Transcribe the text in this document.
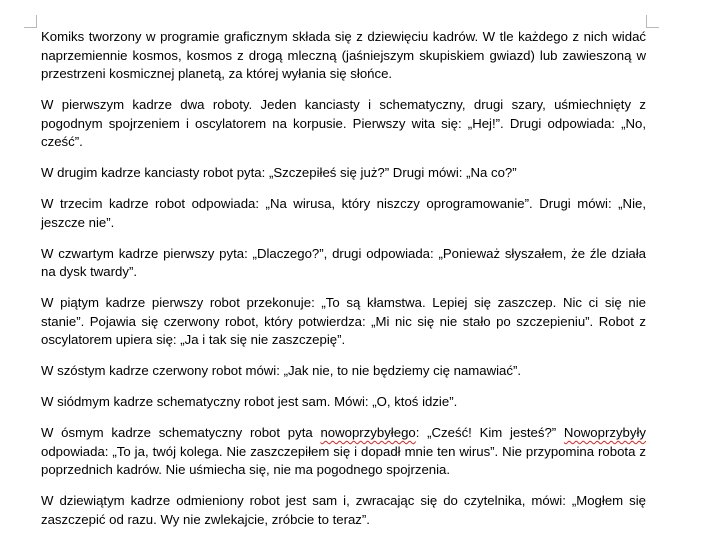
Komiks tworzony w programie graficznym składa się z dziewięciu kadrów. W tle każdego z nich widać naprzemiennie kosmos, kosmos z drogą mleczną (jaśniejszym skupiskiem gwiazd) lub zawieszoną w przestrzeni kosmicznej planetą, za której wyłania się słońce.

W pierwszym kadrze dwa roboty. Jeden kanciasty i schematyczny, drugi szary, uśmiechnięty z pogodnym spojrzeniem i oscylatorem na korpusie. Pierwszy wita się: „Hej!”. Drugi odpowiada: „No, cześć”.

W drugim kadrze kanciasty robot pyta: „Szczepiłeś się już?” Drugi mówi: „Na co?”

W trzecim kadrze robot odpowiada: „Na wirusa, który niszczy oprogramowanie”. Drugi mówi: „Nie, jeszcze nie”.

W czwartym kadrze pierwszy pyta: „Dlaczego?”, drugi odpowiada: „Ponieważ słyszałem, że źle działa na dysk twardy”.

W piątym kadrze pierwszy robot przekonuje: „To są kłamstwa. Lepiej się zaszczep. Nic ci się nie stanie”. Pojawia się czerwony robot, który potwierdza: „Mi nic się nie stało po szczepieniu”. Robot z oscylatorem upiera się: „Ja i tak się nie zaszczepię”.

W szóstym kadrze czerwony robot mówi: „Jak nie, to nie będziemy cię namawiać”.

W siódmym kadrze schematyczny robot jest sam. Mówi: „O, ktoś idzie”.

W ósmym kadrze schematyczny robot pyta nowoprzybyłego: „Cześć! Kim jesteś?” Nowoprzybyły odpowiada: „To ja, twój kolega. Nie zaszczepiłem się i dopadł mnie ten wirus”. Nie przypomina robota z poprzednich kadrów. Nie uśmiecha się, nie ma pogodnego spojrzenia.

W dziewiątym kadrze odmieniony robot jest sam i, zwracając się do czytelnika, mówi: „Mogłem się zaszczepić od razu. Wy nie zwlekajcie, zróbcie to teraz”.
